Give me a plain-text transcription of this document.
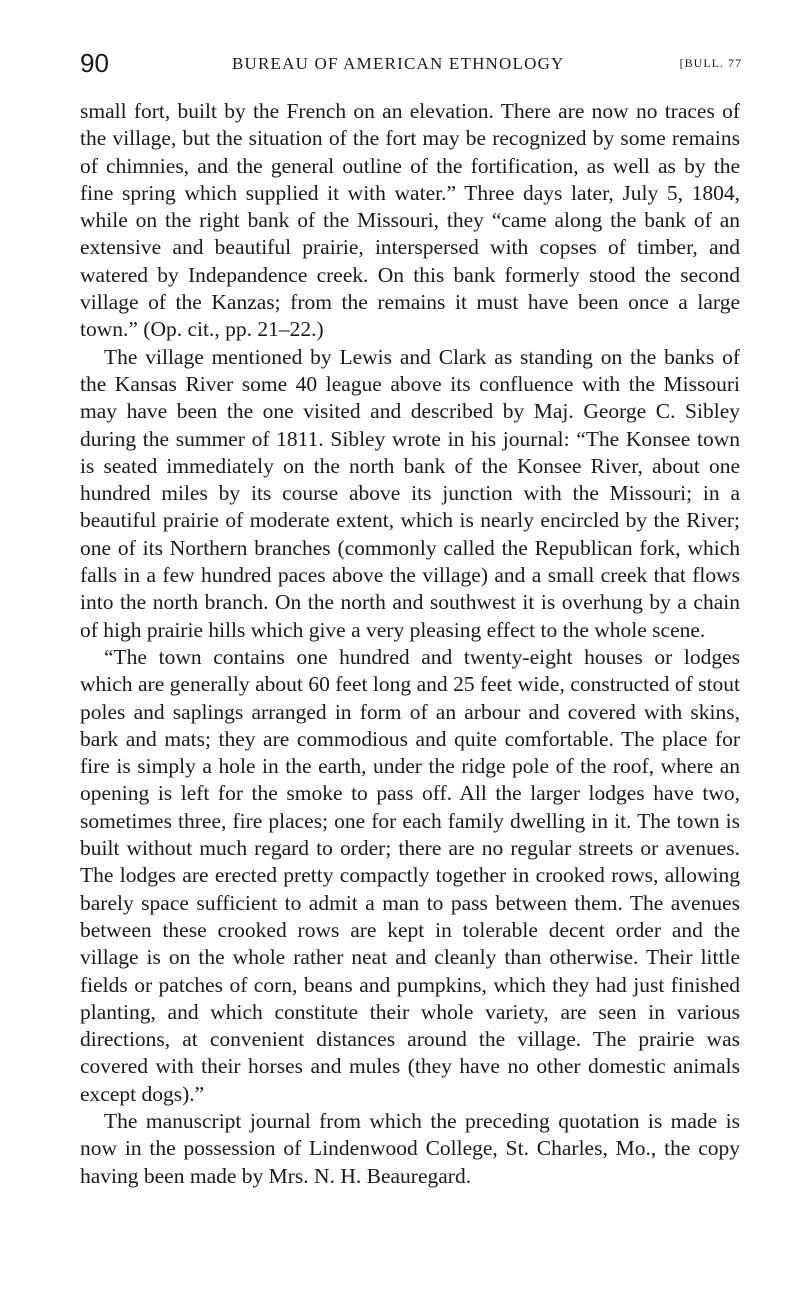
90	BUREAU OF AMERICAN ETHNOLOGY	[BULL. 77

small fort, built by the French on an elevation. There are now no traces of the village, but the situation of the fort may be recognized by some remains of chimnies, and the general outline of the fortification, as well as by the fine spring which supplied it with water.” Three days later, July 5, 1804, while on the right bank of the Missouri, they “came along the bank of an extensive and beautiful prairie, interspersed with copses of timber, and watered by Indepandence creek. On this bank formerly stood the second village of the Kanzas; from the remains it must have been once a large town.” (Op. cit., pp. 21–22.)

The village mentioned by Lewis and Clark as standing on the banks of the Kansas River some 40 league above its confluence with the Missouri may have been the one visited and described by Maj. George C. Sibley during the summer of 1811. Sibley wrote in his journal: “The Konsee town is seated immediately on the north bank of the Konsee River, about one hundred miles by its course above its junction with the Missouri; in a beautiful prairie of moderate extent, which is nearly encircled by the River; one of its Northern branches (commonly called the Republican fork, which falls in a few hundred paces above the village) and a small creek that flows into the north branch. On the north and southwest it is overhung by a chain of high prairie hills which give a very pleasing effect to the whole scene.

“The town contains one hundred and twenty-eight houses or lodges which are generally about 60 feet long and 25 feet wide, constructed of stout poles and saplings arranged in form of an arbour and covered with skins, bark and mats; they are commodious and quite comfortable. The place for fire is simply a hole in the earth, under the ridge pole of the roof, where an opening is left for the smoke to pass off. All the larger lodges have two, sometimes three, fire places; one for each family dwelling in it. The town is built without much regard to order; there are no regular streets or avenues. The lodges are erected pretty compactly together in crooked rows, allowing barely space sufficient to admit a man to pass between them. The avenues between these crooked rows are kept in tolerable decent order and the village is on the whole rather neat and cleanly than otherwise. Their little fields or patches of corn, beans and pumpkins, which they had just finished planting, and which constitute their whole variety, are seen in various directions, at convenient distances around the village. The prairie was covered with their horses and mules (they have no other domestic animals except dogs).”

The manuscript journal from which the preceding quotation is made is now in the possession of Lindenwood College, St. Charles, Mo., the copy having been made by Mrs. N. H. Beauregard.
